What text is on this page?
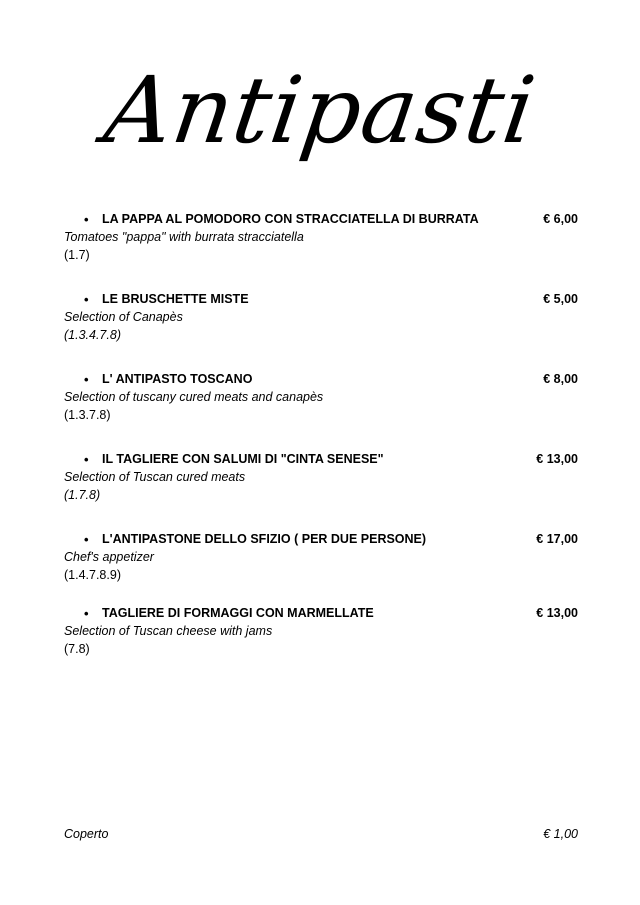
Antipasti
• LA PAPPA AL POMODORO CON STRACCIATELLA DI BURRATA	€ 6,00
Tomatoes "pappa" with burrata stracciatella
(1.7)
• LE BRUSCHETTE MISTE	€ 5,00
Selection of Canapès
(1.3.4.7.8)
• L' ANTIPASTO TOSCANO	€ 8,00
Selection of tuscany cured meats and canapès
(1.3.7.8)
• IL TAGLIERE CON SALUMI DI "CINTA SENESE"	€ 13,00
Selection of Tuscan cured meats
(1.7.8)
• L'ANTIPASTONE DELLO SFIZIO ( PER DUE PERSONE)	€ 17,00
Chef's appetizer
(1.4.7.8.9)
• TAGLIERE DI FORMAGGI CON MARMELLATE	€ 13,00
Selection of Tuscan cheese with jams
(7.8)
Coperto	€ 1,00
